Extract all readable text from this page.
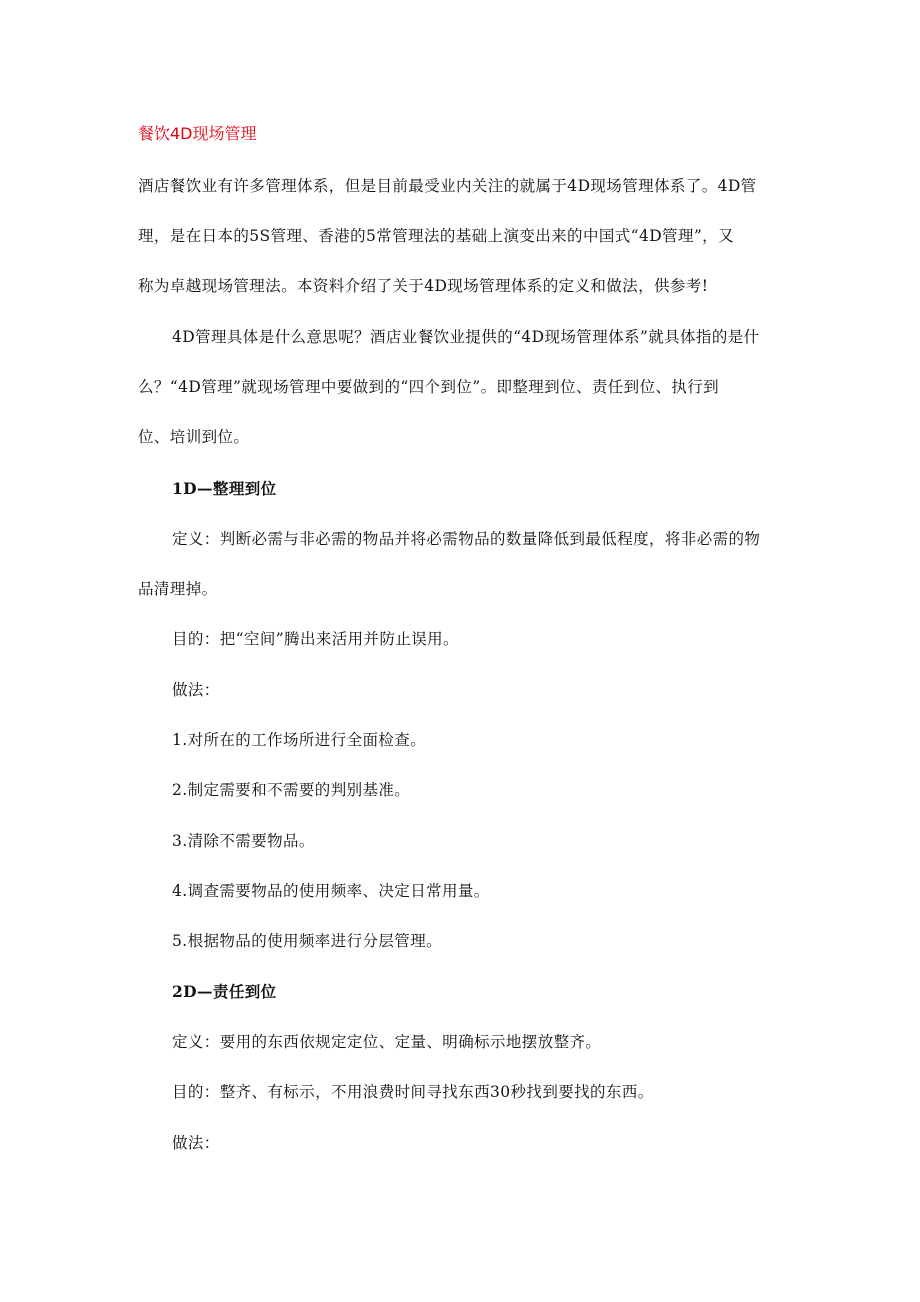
餐饮4D现场管理
酒店餐饮业有许多管理体系，但是目前最受业内关注的就属于4D现场管理体系了。4D管
理，是在日本的5S管理、香港的5常管理法的基础上演变出来的中国式“4D管理”，又
称为卓越现场管理法。本资料介绍了关于4D现场管理体系的定义和做法，供参考!
4D管理具体是什么意思呢？酒店业餐饮业提供的“4D现场管理体系”就具体指的是什
么？“4D管理”就现场管理中要做到的“四个到位”。即整理到位、责任到位、执行到
位、培训到位。
1D—整理到位
定义：判断必需与非必需的物品并将必需物品的数量降低到最低程度，将非必需的物
品清理掉。
目的：把“空间”腾出来活用并防止误用。
做法：
1.对所在的工作场所进行全面检查。
2.制定需要和不需要的判别基准。
3.清除不需要物品。
4.调查需要物品的使用频率、决定日常用量。
5.根据物品的使用频率进行分层管理。
2D—责任到位
定义：要用的东西依规定定位、定量、明确标示地摆放整齐。
目的：整齐、有标示，不用浪费时间寻找东西30秒找到要找的东西。
做法：
